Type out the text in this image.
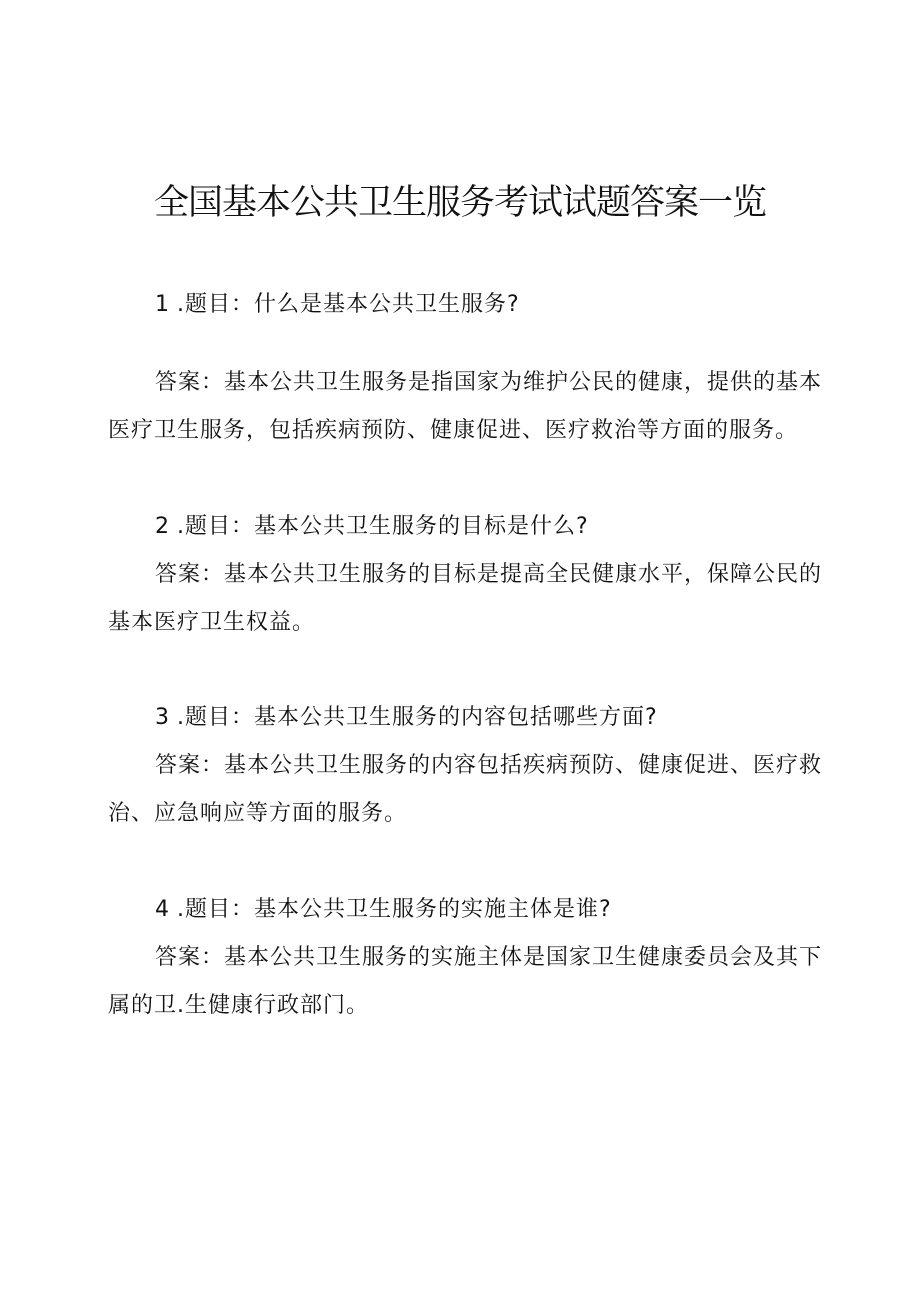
全国基本公共卫生服务考试试题答案一览

1 .题目：什么是基本公共卫生服务?

答案：基本公共卫生服务是指国家为维护公民的健康，提供的基本

医疗卫生服务，包括疾病预防、健康促进、医疗救治等方面的服务。

2 .题目：基本公共卫生服务的目标是什么?

答案：基本公共卫生服务的目标是提高全民健康水平，保障公民的

基本医疗卫生权益。

3 .题目：基本公共卫生服务的内容包括哪些方面?

答案：基本公共卫生服务的内容包括疾病预防、健康促进、医疗救

治、应急响应等方面的服务。

4 .题目：基本公共卫生服务的实施主体是谁?

答案：基本公共卫生服务的实施主体是国家卫生健康委员会及其下

属的卫.生健康行政部门。
